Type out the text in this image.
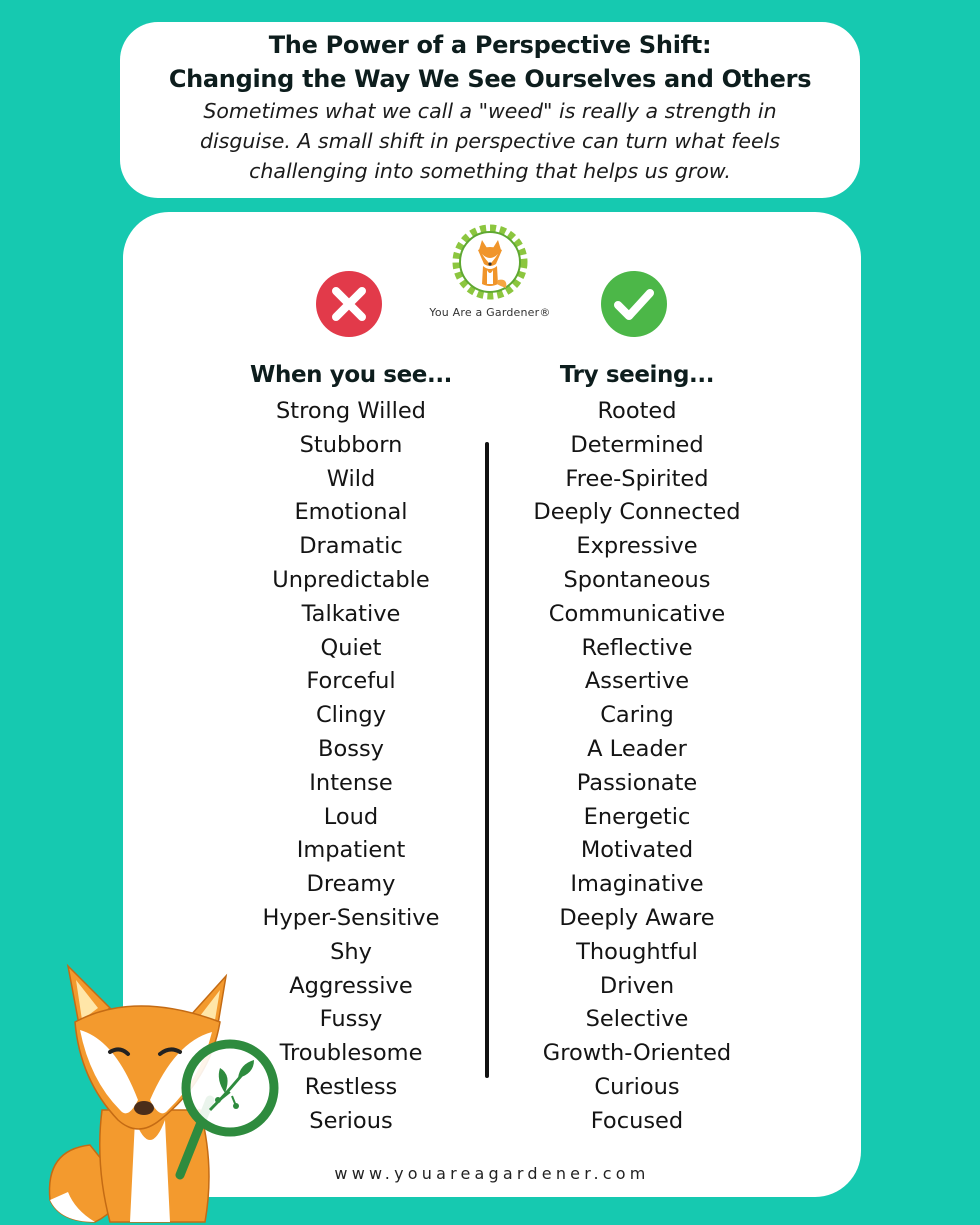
The Power of a Perspective Shift:
Changing the Way We See Ourselves and Others
Sometimes what we call a "weed" is really a strength in
disguise. A small shift in perspective can turn what feels
challenging into something that helps us grow.
You Are a Gardener®
When you see...
Strong Willed
Stubborn
Wild
Emotional
Dramatic
Unpredictable
Talkative
Quiet
Forceful
Clingy
Bossy
Intense
Loud
Impatient
Dreamy
Hyper-Sensitive
Shy
Aggressive
Fussy
Troublesome
Restless
Serious
Try seeing...
Rooted
Determined
Free-Spirited
Deeply Connected
Expressive
Spontaneous
Communicative
Reflective
Assertive
Caring
A Leader
Passionate
Energetic
Motivated
Imaginative
Deeply Aware
Thoughtful
Driven
Selective
Growth-Oriented
Curious
Focused
www.youareagardener.com
